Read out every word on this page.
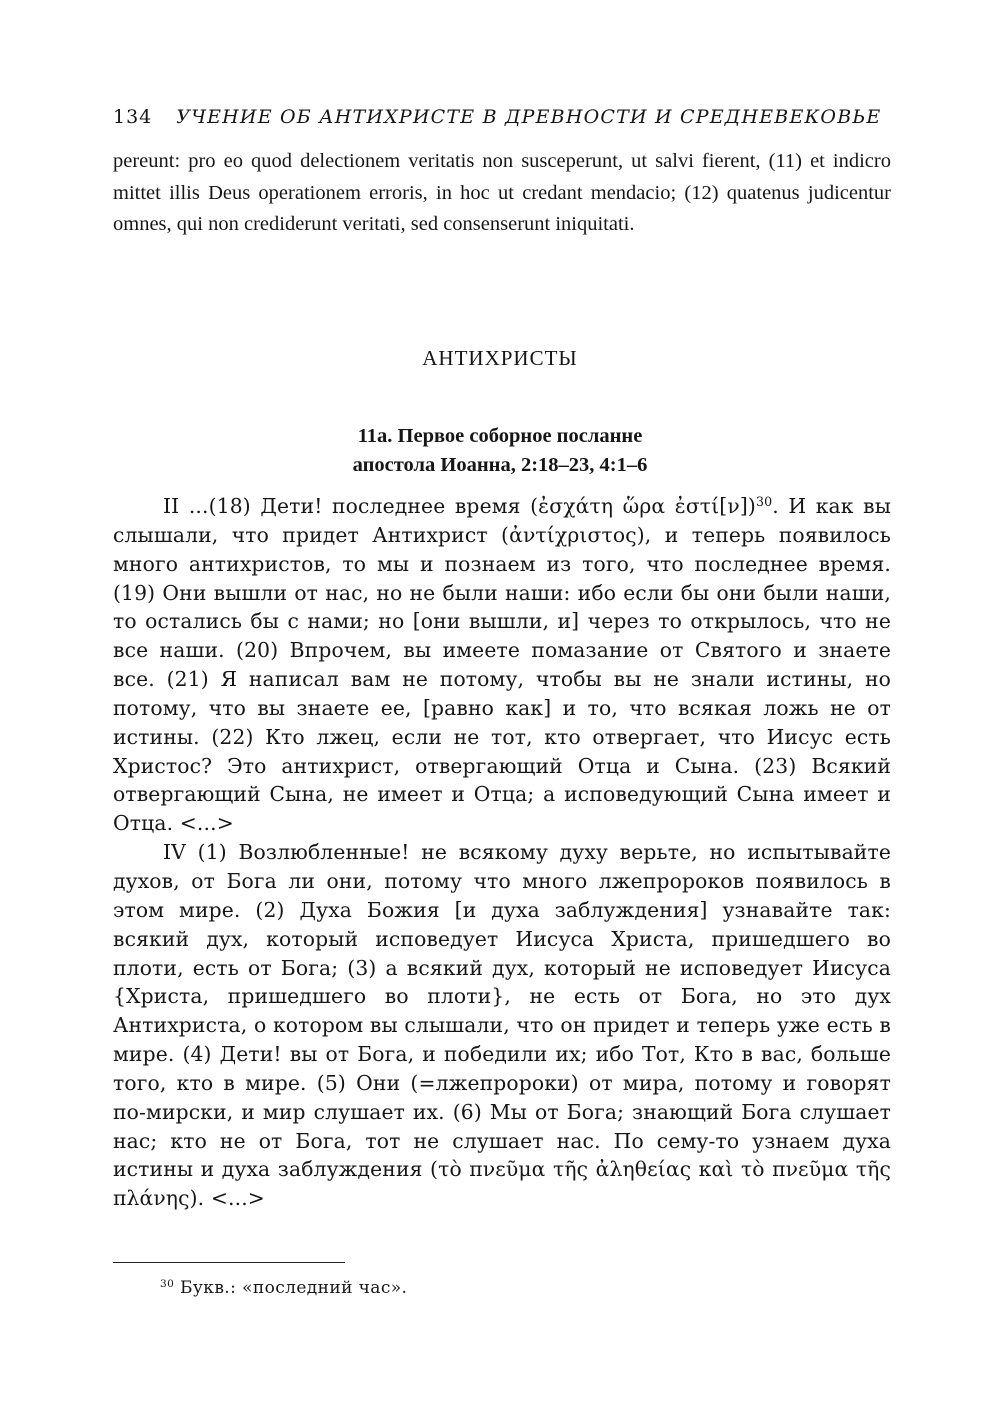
134 УЧЕНИЕ ОБ АНТИХРИСТЕ В ДРЕВНОСТИ И СРЕДНЕВЕКОВЬЕ
pereunt: pro eo quod delectionem veritatis non susceperunt, ut salvi fierent, (11) et indicro mittet illis Deus operationem erroris, in hoc ut credant mendacio; (12) quatenus judicentur omnes, qui non crediderunt veritati, sed consenserunt iniquitati.
АНТИХРИСТЫ
11а. Первое соборное посланне
апостола Иоанна, 2:18–23, 4:1–6

II ...(18) Дети! последнее время (ἐσχάτη ὥρα ἐστί[ν])$^{30}$. И как вы слышали, что придет Антихрист (ἀντίχριστος), и теперь появилось много антихристов, то мы и познаем из того, что последнее время. (19) Они вышли от нас, но не были наши: ибо если бы они были наши, то остались бы с нами; но [они вышли, и] через то открылось, что не все наши. (20) Впрочем, вы имеете помазание от Святого и знаете все. (21) Я написал вам не потому, чтобы вы не знали истины, но потому, что вы знаете ее, [равно как] и то, что всякая ложь не от истины. (22) Кто лжец, если не тот, кто отвергает, что Иисус есть Христос? Это антихрист, отвергающий Отца и Сына. (23) Всякий отвергающий Сына, не имеет и Отца; а исповедующий Сына имеет и Отца. <...>

IV (1) Возлюбленные! не всякому духу верьте, но испытывайте духов, от Бога ли они, потому что много лжепророков появилось в этом мире. (2) Духа Божия [и духа заблуждения] узнавайте так: всякий дух, который исповедует Иисуса Христа, пришедшего во плоти, есть от Бога; (3) а всякий дух, который не исповедует Иисуса {Христа, пришедшего во плоти}, не есть от Бога, но это дух Антихриста, о котором вы слышали, что он придет и теперь уже есть в мире. (4) Дети! вы от Бога, и победили их; ибо Тот, Кто в вас, больше того, кто в мире. (5) Они (=лжепророки) от мира, потому и говорят по-мирски, и мир слушает их. (6) Мы от Бога; знающий Бога слушает нас; кто не от Бога, тот не слушает нас. По сему-то узнаем духа истины и духа заблуждения (τὸ πνεῦμα τῆς ἀληθείας καὶ τὸ πνεῦμα τῆς πλάνης). <...>

$^{30}$ Букв.: «последний час».
